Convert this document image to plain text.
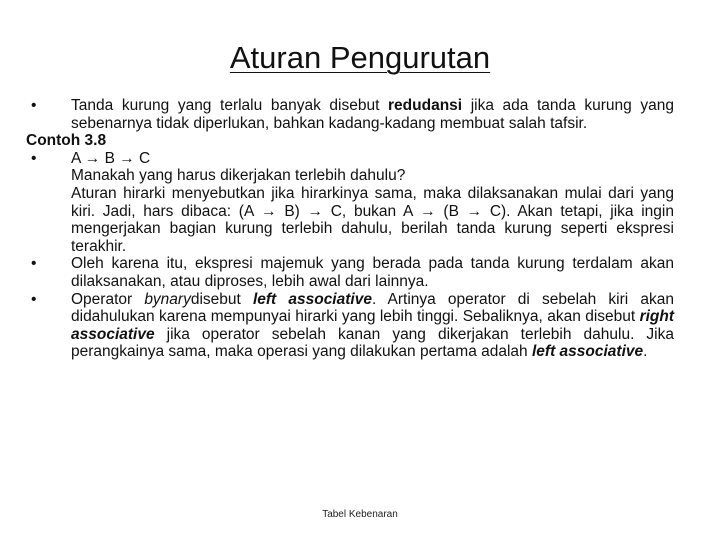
Aturan Pengurutan
• Tanda kurung yang terlalu banyak disebut redudansi jika ada tanda kurung yang sebenarnya tidak diperlukan, bahkan kadang-kadang membuat salah tafsir.
Contoh 3.8
• A → B → C
Manakah yang harus dikerjakan terlebih dahulu?
Aturan hirarki menyebutkan jika hirarkinya sama, maka dilaksanakan mulai dari yang kiri. Jadi, hars dibaca: (A → B) → C, bukan A → (B → C). Akan tetapi, jika ingin mengerjakan bagian kurung terlebih dahulu, berilah tanda kurung seperti ekspresi terakhir.
• Oleh karena itu, ekspresi majemuk yang berada pada tanda kurung terdalam akan dilaksanakan, atau diproses, lebih awal dari lainnya.
• Operator bynarydisebut left associative. Artinya operator di sebelah kiri akan didahulukan karena mempunyai hirarki yang lebih tinggi. Sebaliknya, akan disebut right associative jika operator sebelah kanan yang dikerjakan terlebih dahulu. Jika perangkainya sama, maka operasi yang dilakukan pertama adalah left associative.
Tabel Kebenaran
